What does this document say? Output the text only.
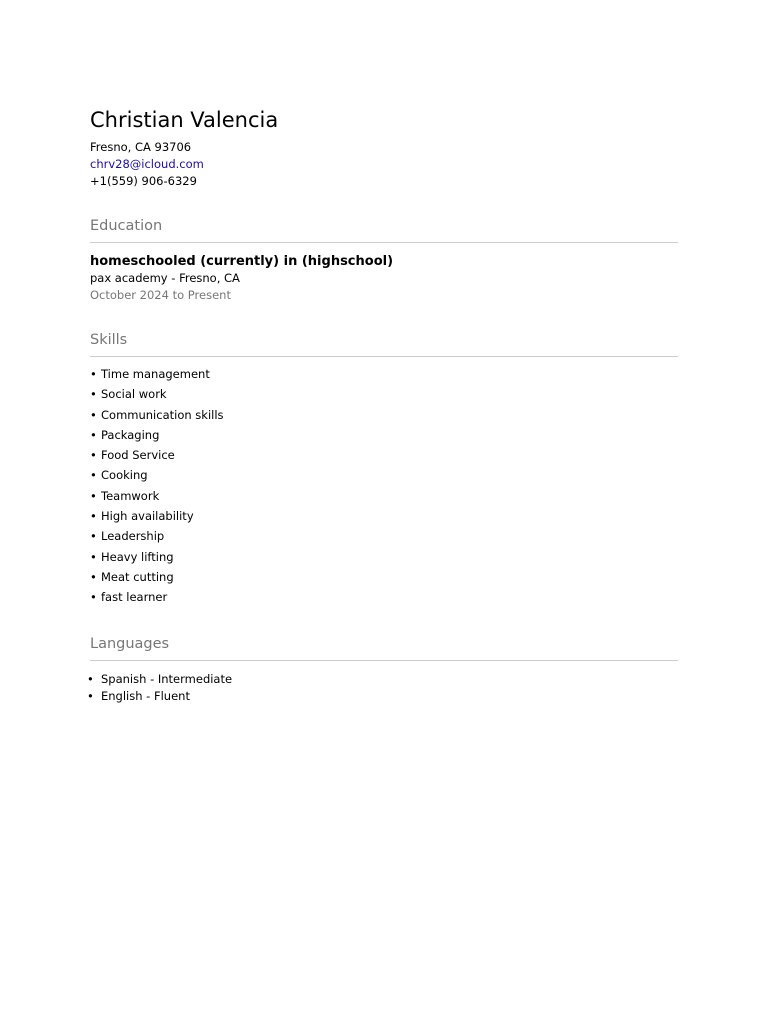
Christian Valencia
Fresno, CA 93706
chrv28@icloud.com
+1(559) 906-6329
Education
homeschooled (currently) in (highschool)
pax academy - Fresno, CA
October 2024 to Present
Skills
• Time management
• Social work
• Communication skills
• Packaging
• Food Service
• Cooking
• Teamwork
• High availability
• Leadership
• Heavy lifting
• Meat cutting
• fast learner
Languages
• Spanish - Intermediate
• English - Fluent
